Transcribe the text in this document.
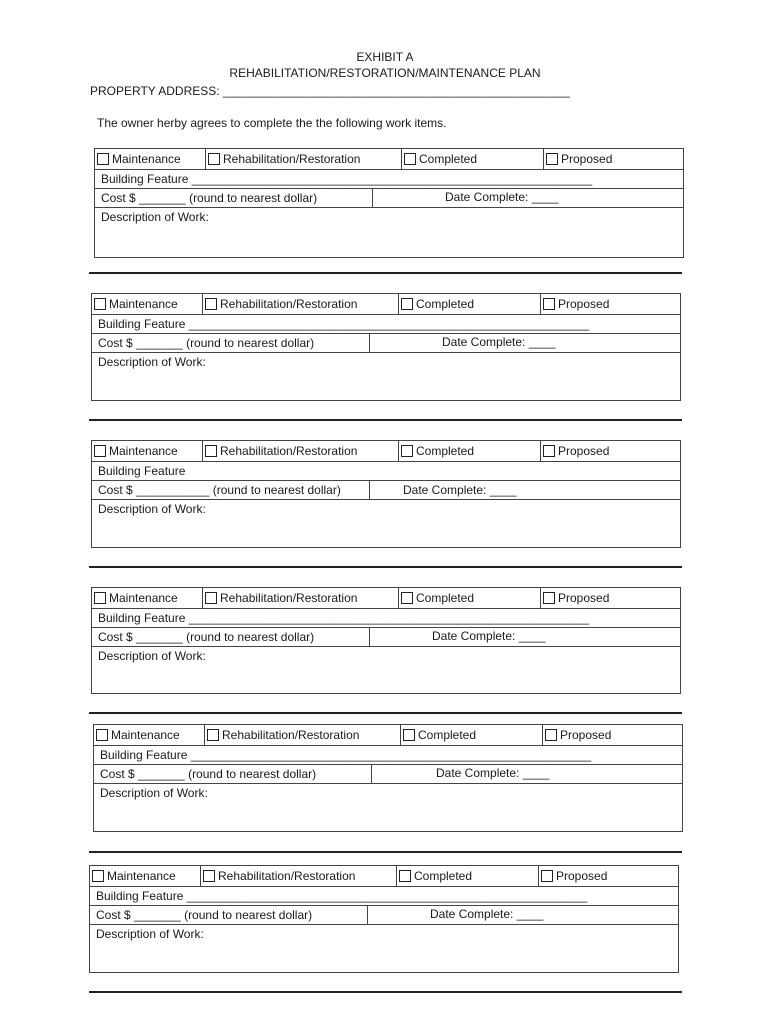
EXHIBIT A
REHABILITATION/RESTORATION/MAINTENANCE PLAN
PROPERTY ADDRESS: ____________________________________________________
The owner herby agrees to complete the the following work items.
Maintenance	Rehabilitation/Restoration	Completed	Proposed
Building Feature ____________________________________________________________
Cost $ _______ (round to nearest dollar)	Date Complete: ____
Description of Work:
Maintenance	Rehabilitation/Restoration	Completed	Proposed
Building Feature ____________________________________________________________
Cost $ _______ (round to nearest dollar)	Date Complete: ____
Description of Work:
Maintenance	Rehabilitation/Restoration	Completed	Proposed
Building Feature
Cost $ ___________ (round to nearest dollar)	Date Complete: ____
Description of Work:
Maintenance	Rehabilitation/Restoration	Completed	Proposed
Building Feature ____________________________________________________________
Cost $ _______ (round to nearest dollar)	Date Complete: ____
Description of Work:
Maintenance	Rehabilitation/Restoration	Completed	Proposed
Building Feature ____________________________________________________________
Cost $ _______ (round to nearest dollar)	Date Complete: ____
Description of Work:
Maintenance	Rehabilitation/Restoration	Completed	Proposed
Building Feature ____________________________________________________________
Cost $ _______ (round to nearest dollar)	Date Complete: ____
Description of Work:
